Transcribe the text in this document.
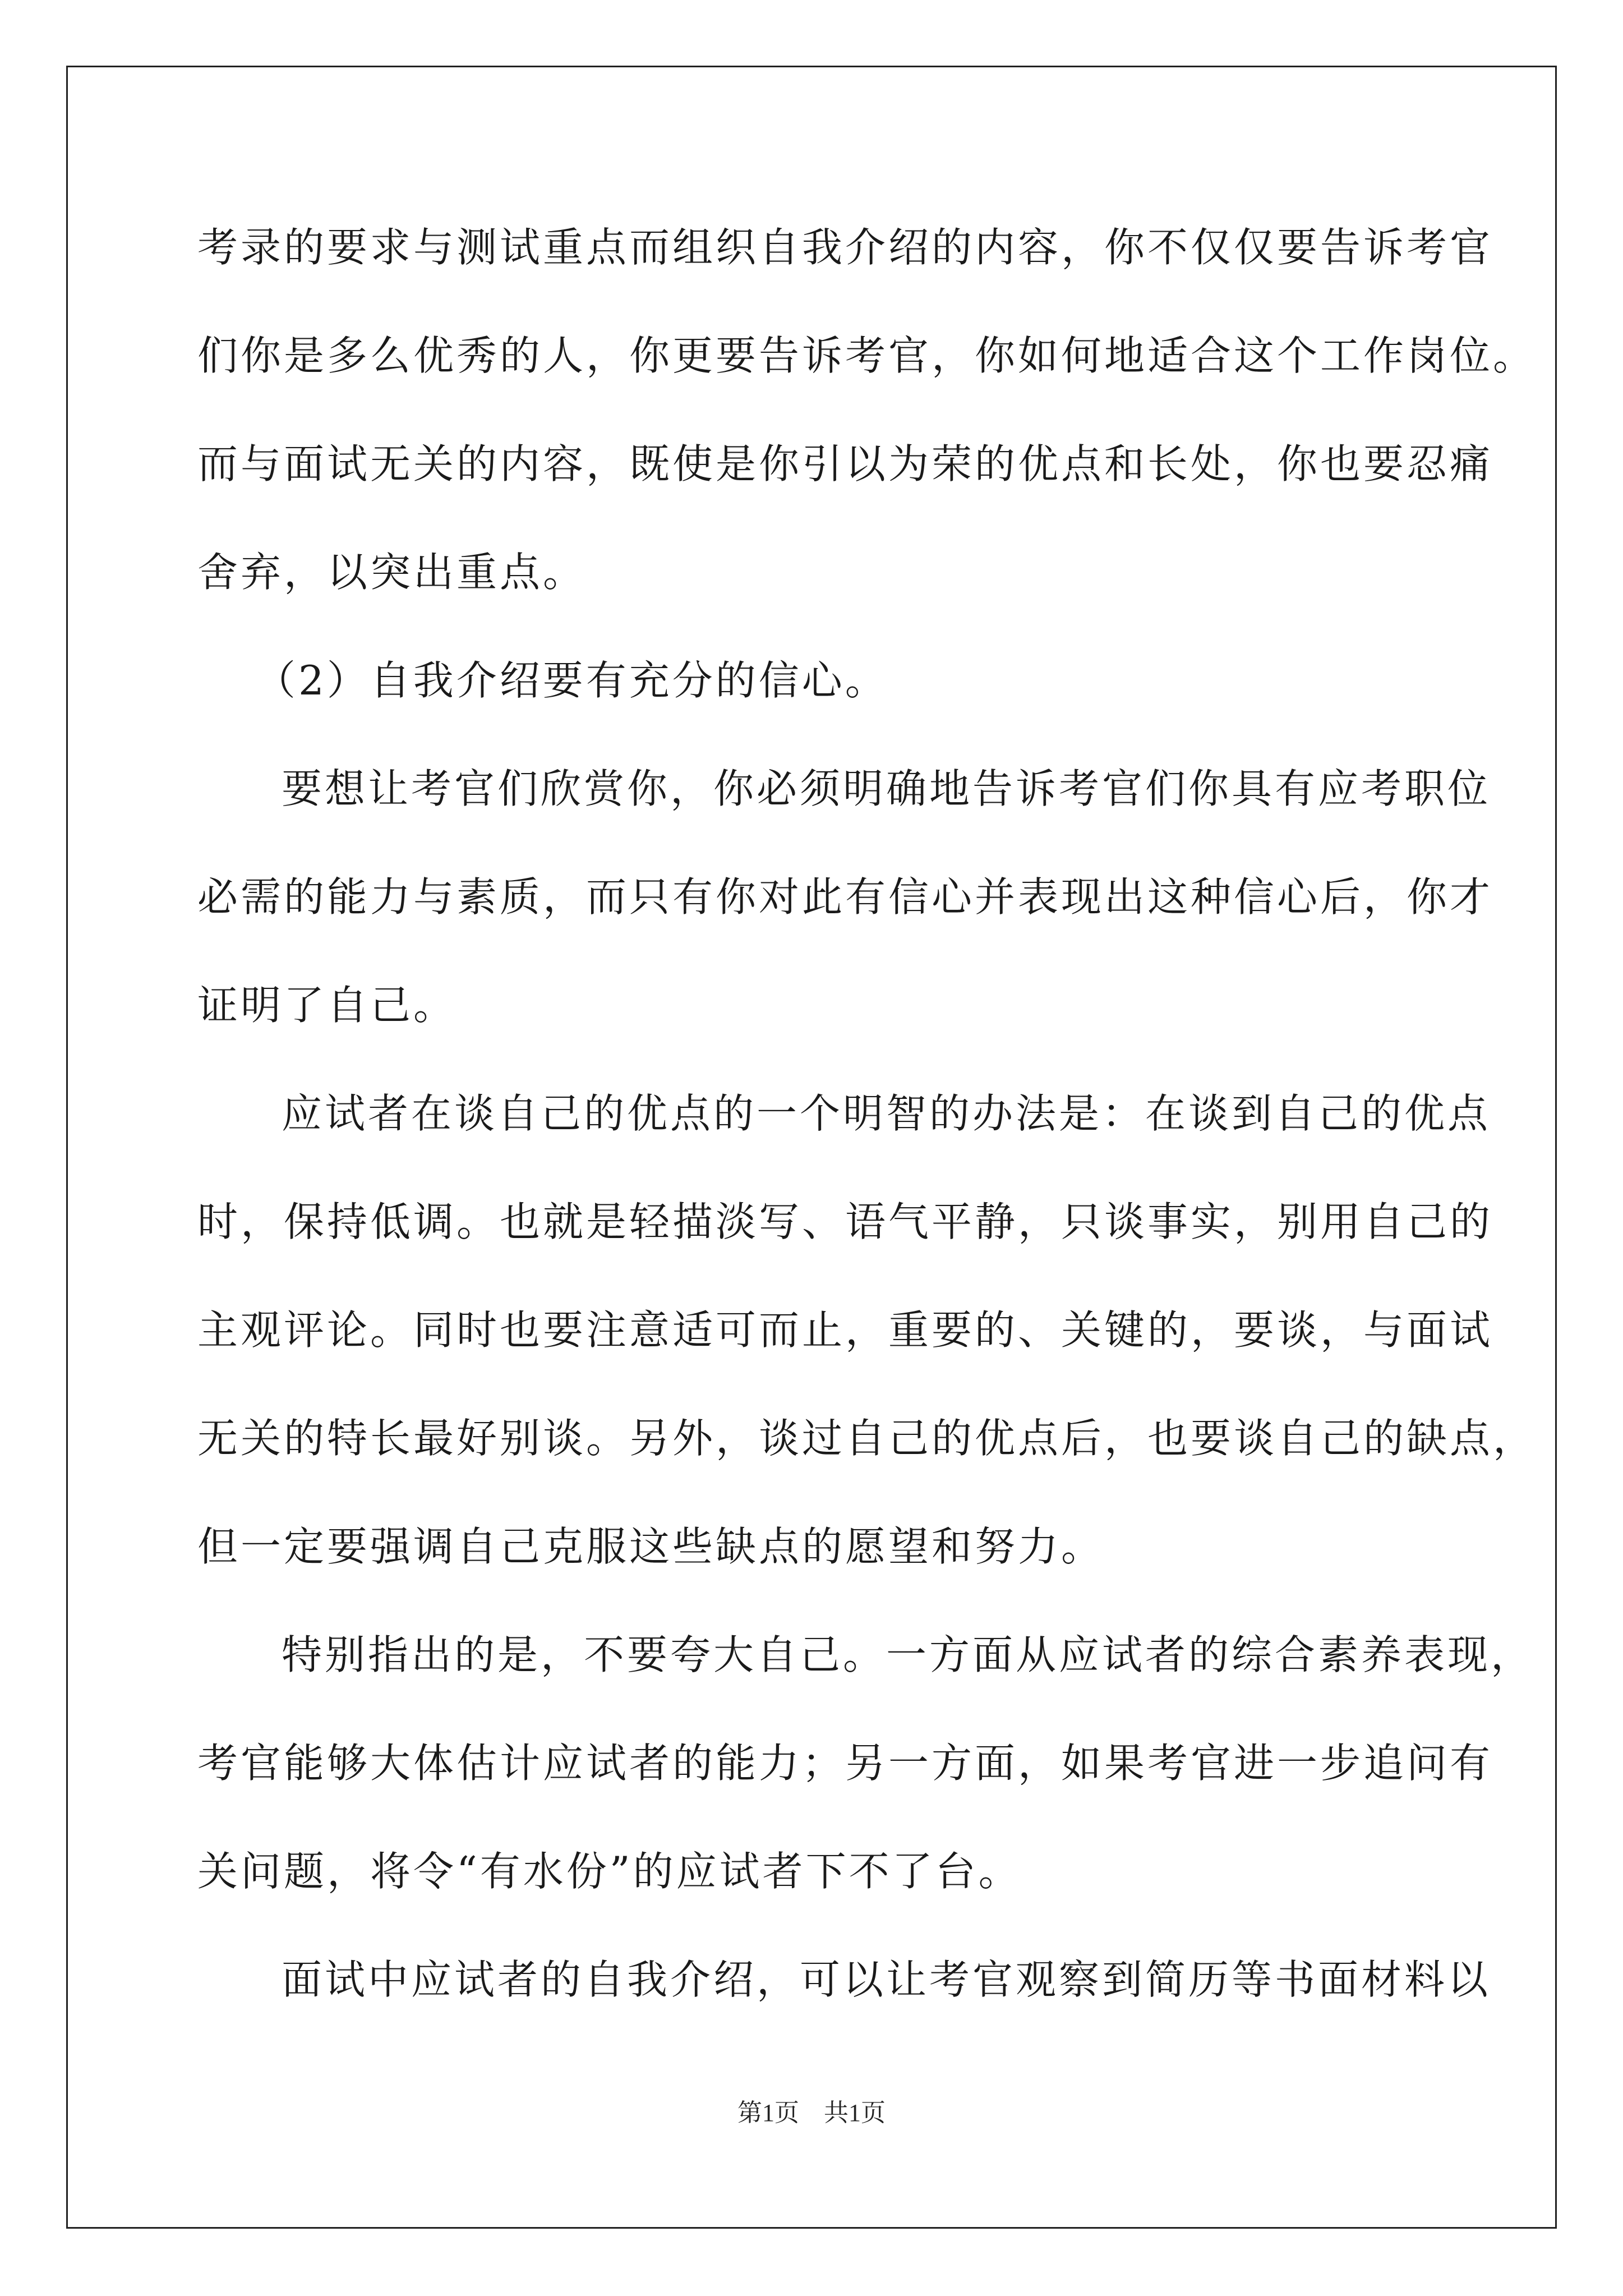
考录的要求与测试重点而组织自我介绍的内容，你不仅仅要告诉考官
们你是多么优秀的人，你更要告诉考官，你如何地适合这个工作岗位。
而与面试无关的内容，既使是你引以为荣的优点和长处，你也要忍痛
舍弃，以突出重点。
（2）自我介绍要有充分的信心。
要想让考官们欣赏你，你必须明确地告诉考官们你具有应考职位
必需的能力与素质，而只有你对此有信心并表现出这种信心后，你才
证明了自己。
应试者在谈自己的优点的一个明智的办法是：在谈到自己的优点
时，保持低调。也就是轻描淡写、语气平静，只谈事实，别用自己的
主观评论。同时也要注意适可而止，重要的、关键的，要谈，与面试
无关的特长最好别谈。另外，谈过自己的优点后，也要谈自己的缺点，
但一定要强调自己克服这些缺点的愿望和努力。
特别指出的是，不要夸大自己。一方面从应试者的综合素养表现，
考官能够大体估计应试者的能力；另一方面，如果考官进一步追问有
关问题，将令“有水份”的应试者下不了台。
面试中应试者的自我介绍，可以让考官观察到简历等书面材料以
第1页　共1页
